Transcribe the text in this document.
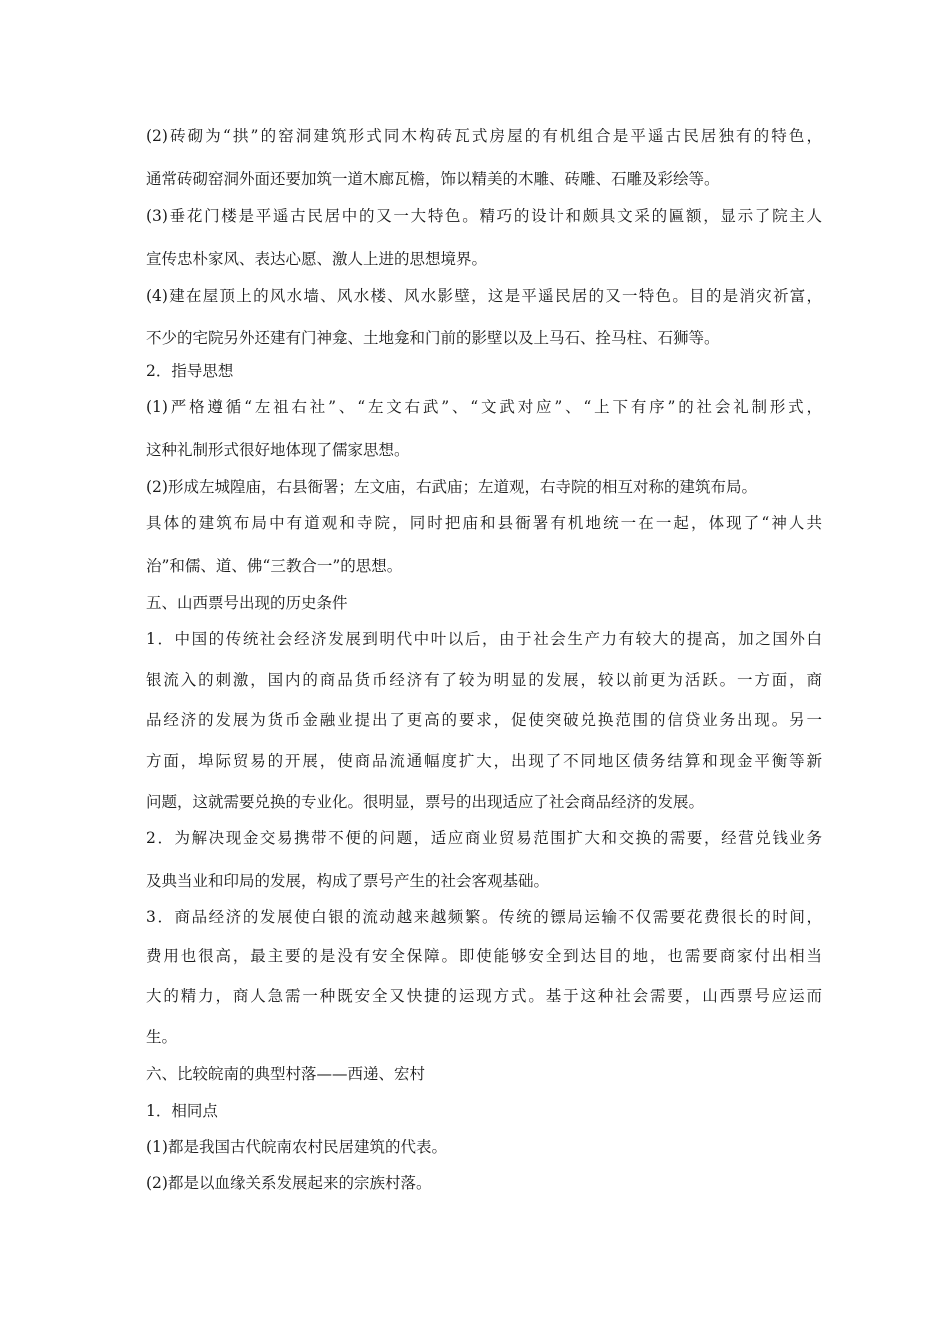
(2)砖砌为“拱”的窑洞建筑形式同木构砖瓦式房屋的有机组合是平遥古民居独有的特色，

通常砖砌窑洞外面还要加筑一道木廊瓦檐，饰以精美的木雕、砖雕、石雕及彩绘等。

(3)垂花门楼是平遥古民居中的又一大特色。精巧的设计和颇具文采的匾额，显示了院主人

宣传忠朴家风、表达心愿、激人上进的思想境界。

(4)建在屋顶上的风水墙、风水楼、风水影壁，这是平遥民居的又一特色。目的是消灾祈富，

不少的宅院另外还建有门神龛、土地龛和门前的影壁以及上马石、拴马柱、石狮等。

2．指导思想

(1)严格遵循“左祖右社”、“左文右武”、“文武对应”、“上下有序”的社会礼制形式，

这种礼制形式很好地体现了儒家思想。

(2)形成左城隍庙，右县衙署；左文庙，右武庙；左道观，右寺院的相互对称的建筑布局。

具体的建筑布局中有道观和寺院，同时把庙和县衙署有机地统一在一起，体现了“神人共

治”和儒、道、佛“三教合一”的思想。

五、山西票号出现的历史条件

1．中国的传统社会经济发展到明代中叶以后，由于社会生产力有较大的提高，加之国外白

银流入的刺激，国内的商品货币经济有了较为明显的发展，较以前更为活跃。一方面，商

品经济的发展为货币金融业提出了更高的要求，促使突破兑换范围的信贷业务出现。另一

方面，埠际贸易的开展，使商品流通幅度扩大，出现了不同地区债务结算和现金平衡等新

问题，这就需要兑换的专业化。很明显，票号的出现适应了社会商品经济的发展。

2．为解决现金交易携带不便的问题，适应商业贸易范围扩大和交换的需要，经营兑钱业务

及典当业和印局的发展，构成了票号产生的社会客观基础。

3．商品经济的发展使白银的流动越来越频繁。传统的镖局运输不仅需要花费很长的时间，

费用也很高，最主要的是没有安全保障。即使能够安全到达目的地，也需要商家付出相当

大的精力，商人急需一种既安全又快捷的运现方式。基于这种社会需要，山西票号应运而

生。

六、比较皖南的典型村落——西递、宏村

1．相同点

(1)都是我国古代皖南农村民居建筑的代表。

(2)都是以血缘关系发展起来的宗族村落。
